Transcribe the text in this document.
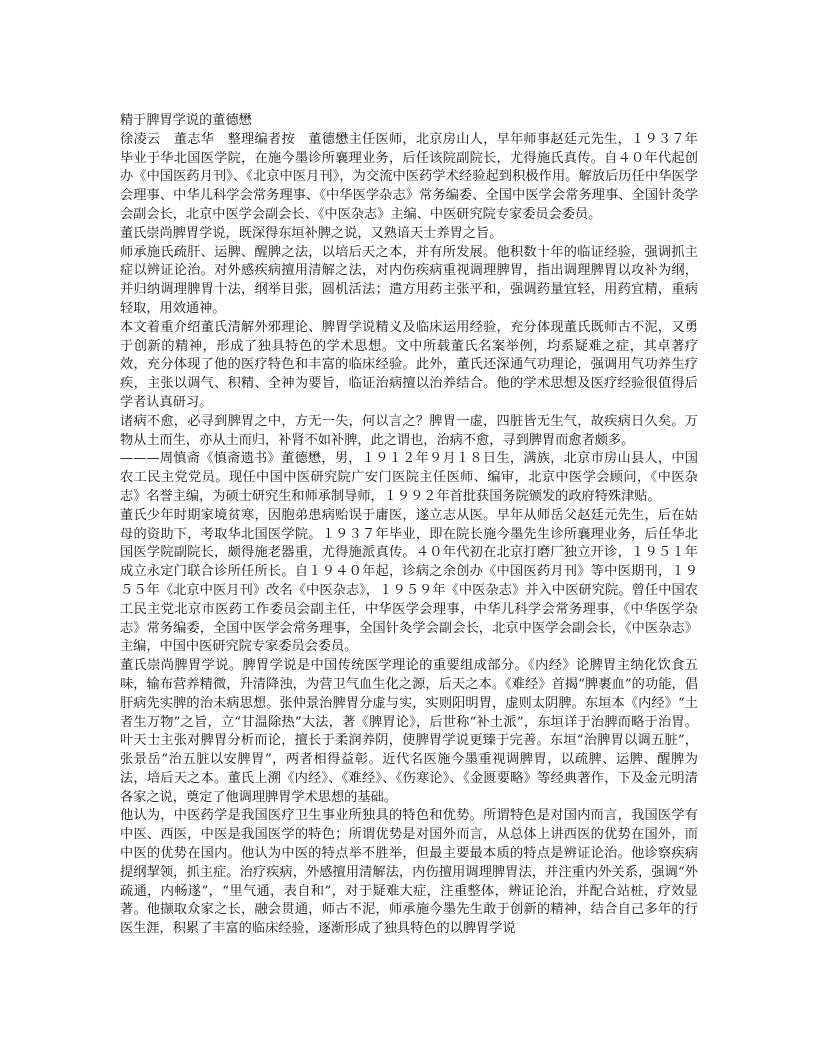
精于脾胃学说的董德懋

徐凌云　董志华　整理编者按　董德懋主任医师，北京房山人，早年师事赵廷元先生，１９３７年毕业于华北国医学院，在施今墨诊所襄理业务，后任该院副院长，尤得施氏真传。自４０年代起创办《中国医药月刊》、《北京中医月刊》，为交流中医药学术经验起到积极作用。解放后历任中华医学会理事、中华儿科学会常务理事、《中华医学杂志》常务编委、全国中医学会常务理事、全国针灸学会副会长，北京中医学会副会长、《中医杂志》主编、中医研究院专家委员会委员。

董氏崇尚脾胃学说，既深得东垣补脾之说，又熟谙天士养胃之旨。

师承施氏疏肝、运脾、醒脾之法，以培后天之本，并有所发展。他积数十年的临证经验，强调抓主症以辨证论治。对外感疾病擅用清解之法，对内伤疾病重视调理脾胃，指出调理脾胃以攻补为纲，并归纳调理脾胃十法，纲举目张，圆机活法；遣方用药主张平和，强调药量宜轻，用药宜精，重病轻取，用效通神。

本文着重介绍董氏清解外邪理论、脾胃学说精义及临床运用经验，充分体现董氏既师古不泥，又勇于创新的精神，形成了独具特色的学术思想。文中所载董氏名案举例，均系疑难之症，其卓著疗效，充分体现了他的医疗特色和丰富的临床经验。此外，董氏还深通气功理论，强调用气功养生疗疾，主张以调气、积精、全神为要旨，临证治病擅以治养结合。他的学术思想及医疗经验很值得后学者认真研习。

诸病不愈，必寻到脾胃之中，方无一失，何以言之？脾胃一虚，四脏皆无生气，故疾病日久矣。万物从土而生，亦从土而归，补肾不如补脾，此之谓也，治病不愈，寻到脾胃而愈者颇多。

———周慎斋《慎斋遗书》董德懋，男，１９１２年９月１８日生，满族，北京市房山县人，中国农工民主党党员。现任中国中医研究院广安门医院主任医师、编审，北京中医学会顾问，《中医杂志》名誉主编，为硕士研究生和师承制导师，１９９２年首批获国务院颁发的政府特殊津贴。

董氏少年时期家境贫寒，因胞弟患病贻误于庸医，遂立志从医。早年从师岳父赵廷元先生，后在姑母的资助下，考取华北国医学院。１９３７年毕业，即在院长施今墨先生诊所襄理业务，后任华北国医学院副院长，颇得施老器重，尤得施派真传。４０年代初在北京打磨厂独立开诊，１９５１年成立永定门联合诊所任所长。自１９４０年起，诊病之余创办《中国医药月刊》等中医期刊，１９５５年《北京中医月刊》改名《中医杂志》，１９５９年《中医杂志》并入中医研究院。曾任中国农工民主党北京市医药工作委员会副主任，中华医学会理事，中华儿科学会常务理事，《中华医学杂志》常务编委，全国中医学会常务理事，全国针灸学会副会长，北京中医学会副会长，《中医杂志》主编，中国中医研究院专家委员会委员。

董氏崇尚脾胃学说。脾胃学说是中国传统医学理论的重要组成部分。《内经》论脾胃主纳化饮食五味，输布营养精微，升清降浊，为营卫气血生化之源，后天之本。《难经》首揭“脾裹血”的功能，倡肝病先实脾的治未病思想。张仲景治脾胃分虚与实，实则阳明胃，虚则太阴脾。东垣本《内经》“土者生万物”之旨，立“甘温除热”大法，著《脾胃论》，后世称“补土派”，东垣详于治脾而略于治胃。叶天士主张对脾胃分析而论，擅长于柔润养阴，使脾胃学说更臻于完善。东垣“治脾胃以调五脏”，张景岳“治五脏以安脾胃”，两者相得益彰。近代名医施今墨重视调脾胃，以疏脾、运脾、醒脾为法，培后天之本。董氏上溯《内经》、《难经》、《伤寒论》、《金匮要略》等经典著作，下及金元明清各家之说，奠定了他调理脾胃学术思想的基础。

他认为，中医药学是我国医疗卫生事业所独具的特色和优势。所谓特色是对国内而言，我国医学有中医、西医，中医是我国医学的特色；所谓优势是对国外而言，从总体上讲西医的优势在国外，而中医的优势在国内。他认为中医的特点举不胜举，但最主要最本质的特点是辨证论治。他诊察疾病提纲挈领，抓主症。治疗疾病，外感擅用清解法，内伤擅用调理脾胃法，并注重内外关系，强调“外疏通，内畅遂”，“里气通，表自和”，对于疑难大症，注重整体，辨证论治，并配合站桩，疗效显著。他撷取众家之长，融会贯通，师古不泥，师承施今墨先生敢于创新的精神，结合自己多年的行医生涯，积累了丰富的临床经验，逐渐形成了独具特色的以脾胃学说
